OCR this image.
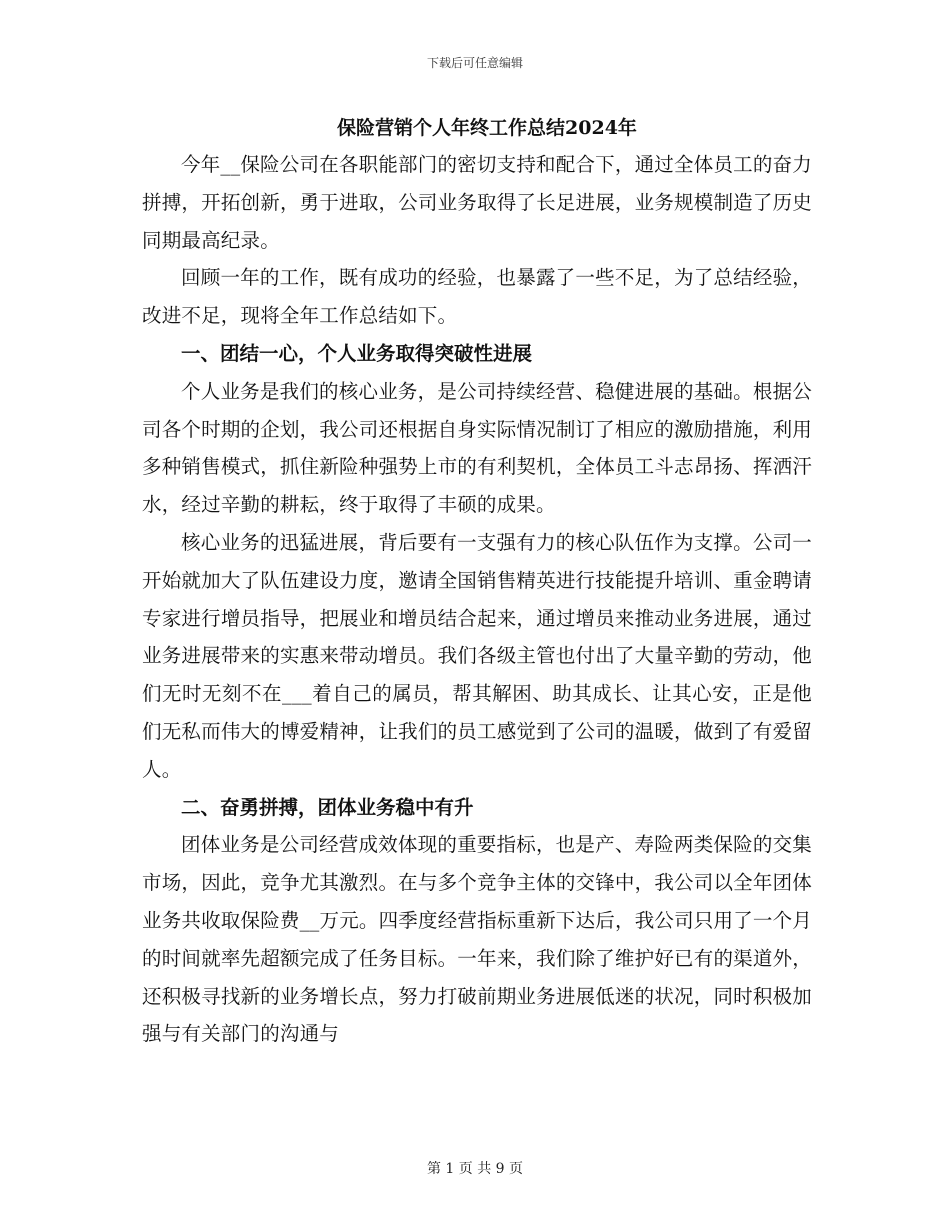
下载后可任意编辑
保险营销个人年终工作总结2024年

今年__保险公司在各职能部门的密切支持和配合下，通过全体员工的奋力拼搏，开拓创新，勇于进取，公司业务取得了长足进展，业务规模制造了历史同期最高纪录。

回顾一年的工作，既有成功的经验，也暴露了一些不足，为了总结经验，改进不足，现将全年工作总结如下。

一、团结一心，个人业务取得突破性进展

个人业务是我们的核心业务，是公司持续经营、稳健进展的基础。根据公司各个时期的企划，我公司还根据自身实际情况制订了相应的激励措施，利用多种销售模式，抓住新险种强势上市的有利契机，全体员工斗志昂扬、挥洒汗水，经过辛勤的耕耘，终于取得了丰硕的成果。

核心业务的迅猛进展，背后要有一支强有力的核心队伍作为支撑。公司一开始就加大了队伍建设力度，邀请全国销售精英进行技能提升培训、重金聘请专家进行增员指导，把展业和增员结合起来，通过增员来推动业务进展，通过业务进展带来的实惠来带动增员。我们各级主管也付出了大量辛勤的劳动，他们无时无刻不在___着自己的属员，帮其解困、助其成长、让其心安，正是他们无私而伟大的博爱精神，让我们的员工感觉到了公司的温暖，做到了有爱留人。

二、奋勇拼搏，团体业务稳中有升

团体业务是公司经营成效体现的重要指标，也是产、寿险两类保险的交集市场，因此，竞争尤其激烈。在与多个竞争主体的交锋中，我公司以全年团体业务共收取保险费__万元。四季度经营指标重新下达后，我公司只用了一个月的时间就率先超额完成了任务目标。一年来，我们除了维护好已有的渠道外，还积极寻找新的业务增长点，努力打破前期业务进展低迷的状况，同时积极加强与有关部门的沟通与

第 1 页 共 9 页
